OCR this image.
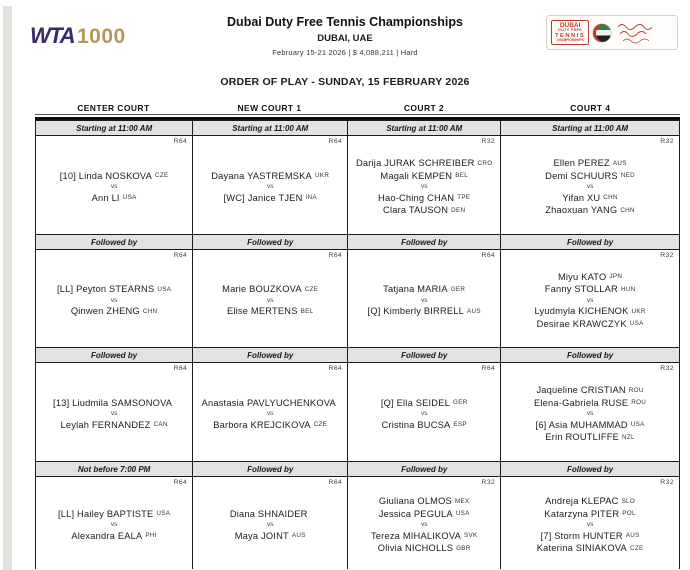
WTA 1000
Dubai Duty Free Tennis Championships
DUBAI, UAE
February 15-21 2026 | $ 4,088,211 | Hard
ORDER OF PLAY - SUNDAY, 15 FEBRUARY 2026
DUBAI
DUTY FREE
TENNIS
CHAMPIONSHIPS
CENTER COURT	NEW COURT 1	COURT 2	COURT 4
Starting at 11:00 AM	Starting at 11:00 AM	Starting at 11:00 AM	Starting at 11:00 AM
R64
[10] Linda NOSKOVA CZE
vs
Ann LI USA
R64
Dayana YASTREMSKA UKR
vs
[WC] Janice TJEN INA
R32
Darija JURAK SCHREIBER CRO
Magali KEMPEN BEL
vs
Hao-Ching CHAN TPE
Clara TAUSON DEN
R32
Ellen PEREZ AUS
Demi SCHUURS NED
vs
Yifan XU CHN
Zhaoxuan YANG CHN
Followed by	Followed by	Followed by	Followed by
R64
[LL] Peyton STEARNS USA
vs
Qinwen ZHENG CHN
R64
Marie BOUZKOVA CZE
vs
Elise MERTENS BEL
R64
Tatjana MARIA GER
vs
[Q] Kimberly BIRRELL AUS
R32
Miyu KATO JPN
Fanny STOLLAR HUN
vs
Lyudmyla KICHENOK UKR
Desirae KRAWCZYK USA
Followed by	Followed by	Followed by	Followed by
R64
[13] Liudmila SAMSONOVA
vs
Leylah FERNANDEZ CAN
R64
Anastasia PAVLYUCHENKOVA
vs
Barbora KREJCIKOVA CZE
R64
[Q] Ella SEIDEL GER
vs
Cristina BUCSA ESP
R32
Jaqueline CRISTIAN ROU
Elena-Gabriela RUSE ROU
vs
[6] Asia MUHAMMAD USA
Erin ROUTLIFFE NZL
Not before 7:00 PM	Followed by	Followed by	Followed by
R64
[LL] Hailey BAPTISTE USA
vs
Alexandra EALA PHI
R64
Diana SHNAIDER
vs
Maya JOINT AUS
R32
Giuliana OLMOS MEX
Jessica PEGULA USA
vs
Tereza MIHALIKOVA SVK
Olivia NICHOLLS GBR
R32
Andreja KLEPAC SLO
Katarzyna PITER POL
vs
[7] Storm HUNTER AUS
Katerina SINIAKOVA CZE
